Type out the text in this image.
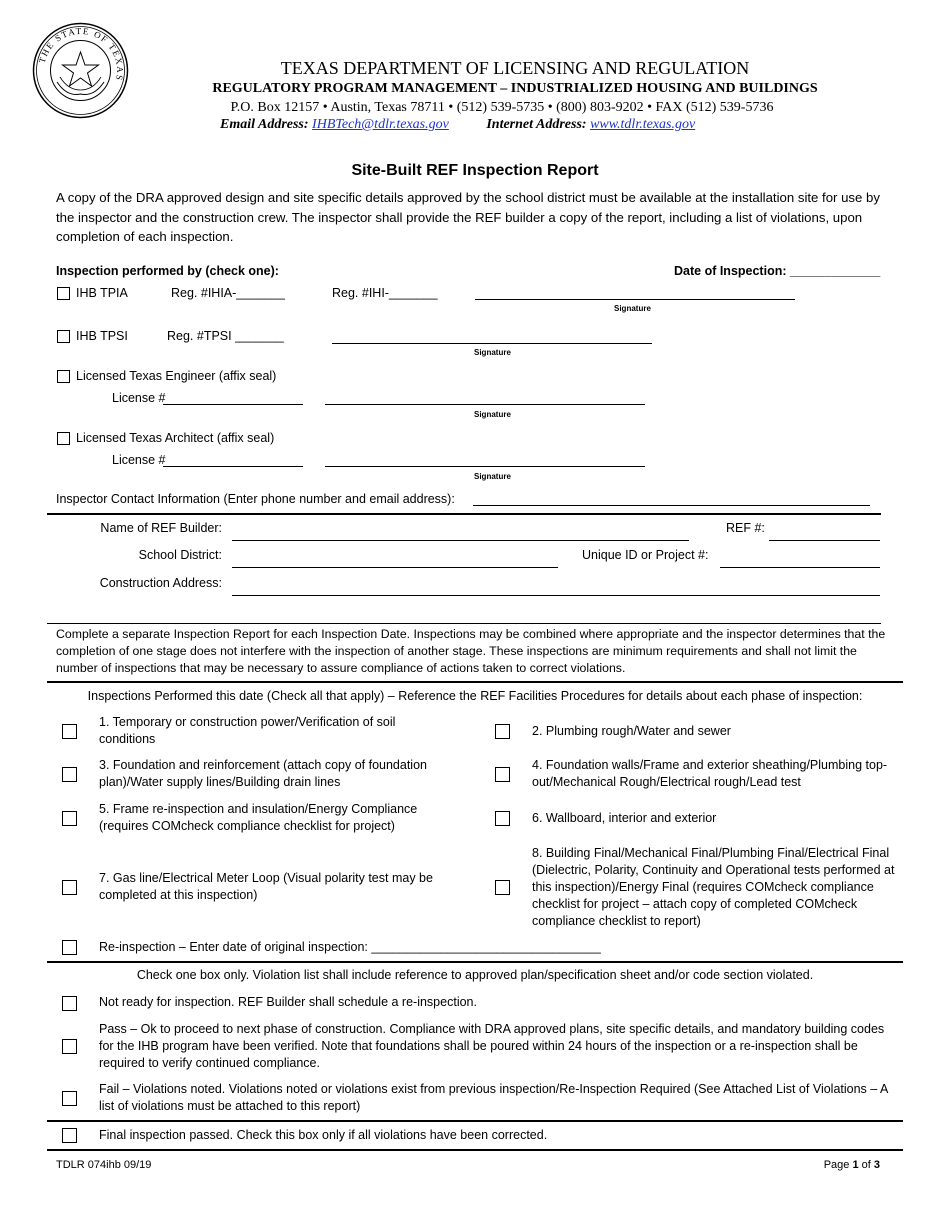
THE STATE OF TEXAS
TEXAS DEPARTMENT OF LICENSING AND REGULATION
REGULATORY PROGRAM MANAGEMENT – INDUSTRIALIZED HOUSING AND BUILDINGS
P.O. Box 12157 • Austin, Texas 78711 • (512) 539-5735 • (800) 803-9202 • FAX (512) 539-5736
Email Address: IHBTech@tdlr.texas.gov	Internet Address: www.tdlr.texas.gov
Site-Built REF Inspection Report
A copy of the DRA approved design and site specific details approved by the school district must be available at the installation site for use by the inspector and the construction crew. The inspector shall provide the REF builder a copy of the report, including a list of violations, upon completion of each inspection.
Inspection performed by (check one):	Date of Inspection: _____________
IHB TPIA	Reg. #IHIA-_______	Reg. #IHI-_______
Signature
IHB TPSI	Reg. #TPSI _______
Signature
Licensed Texas Engineer (affix seal)
License #
Signature
Licensed Texas Architect (affix seal)
License #
Signature
Inspector Contact Information (Enter phone number and email address):
Name of REF Builder:	REF #:
School District:	Unique ID or Project #:
Construction Address:
Complete a separate Inspection Report for each Inspection Date. Inspections may be combined where appropriate and the inspector determines that the completion of one stage does not interfere with the inspection of another stage. These inspections are minimum requirements and shall not limit the number of inspections that may be necessary to assure compliance of actions taken to correct violations.
Inspections Performed this date (Check all that apply) – Reference the REF Facilities Procedures for details about each phase of inspection:
1. Temporary or construction power/Verification of soil conditions
2. Plumbing rough/Water and sewer
3. Foundation and reinforcement (attach copy of foundation plan)/Water supply lines/Building drain lines
4. Foundation walls/Frame and exterior sheathing/Plumbing top-out/Mechanical Rough/Electrical rough/Lead test
5. Frame re-inspection and insulation/Energy Compliance (requires COMcheck compliance checklist for project)
6. Wallboard, interior and exterior
7. Gas line/Electrical Meter Loop (Visual polarity test may be completed at this inspection)
8. Building Final/Mechanical Final/Plumbing Final/Electrical Final (Dielectric, Polarity, Continuity and Operational tests performed at this inspection)/Energy Final (requires COMcheck compliance checklist for project – attach copy of completed COMcheck compliance checklist to report)
Re-inspection – Enter date of original inspection: _________________________________
Check one box only. Violation list shall include reference to approved plan/specification sheet and/or code section violated.
Not ready for inspection. REF Builder shall schedule a re-inspection.
Pass – Ok to proceed to next phase of construction. Compliance with DRA approved plans, site specific details, and mandatory building codes for the IHB program have been verified. Note that foundations shall be poured within 24 hours of the inspection or a re-inspection shall be required to verify continued compliance.
Fail – Violations noted. Violations noted or violations exist from previous inspection/Re-Inspection Required (See Attached List of Violations – A list of violations must be attached to this report)
Final inspection passed. Check this box only if all violations have been corrected.
TDLR 074ihb 09/19	Page 1 of 3
